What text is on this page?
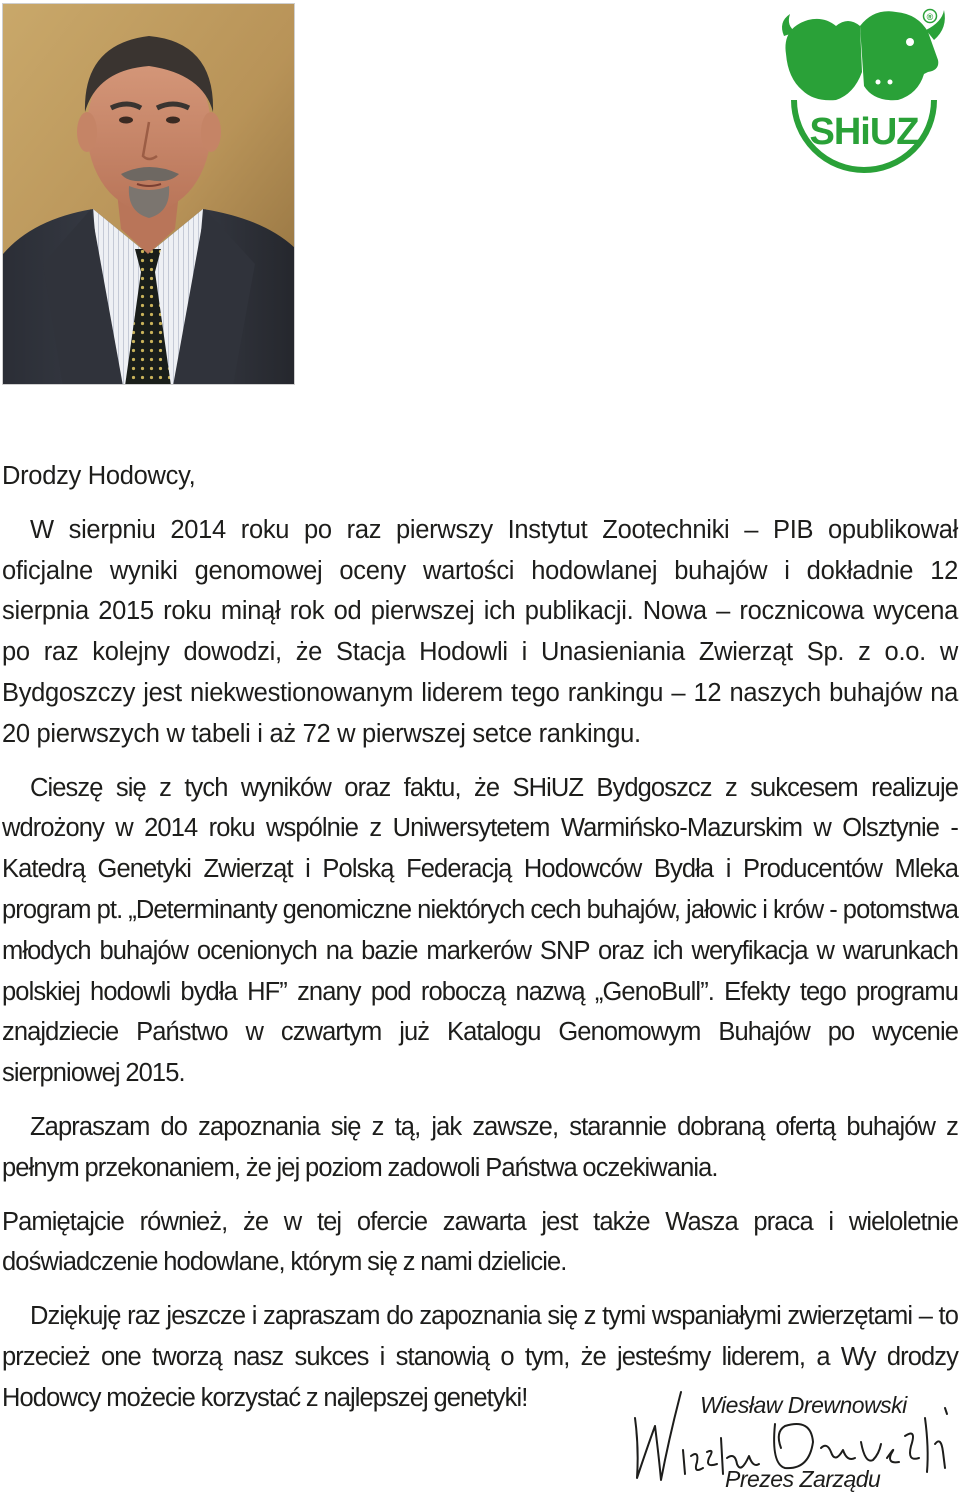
®
SHiUZ
Drodzy Hodowcy,

W sierpniu 2014 roku po raz pierwszy Instytut Zootechniki – PIB opublikował oficjalne wyniki genomowej oceny wartości hodowlanej buhajów i dokładnie 12 sierpnia 2015 roku minął rok od pierwszej ich publikacji. Nowa – rocznicowa wycena po raz kolejny dowodzi, że Stacja Hodowli i Unasieniania Zwierząt Sp. z o.o. w Bydgoszczy jest niekwestionowanym liderem tego rankingu – 12 naszych buhajów na 20 pierwszych w tabeli i aż 72 w pierwszej setce rankingu.

Cieszę się z tych wyników oraz faktu, że SHiUZ Bydgoszcz z sukcesem realizuje wdrożony w 2014 roku wspólnie z Uniwersytetem Warmińsko-Mazurskim w Olsztynie - Katedrą Genetyki Zwierząt i Polską Federacją Hodowców Bydła i Producentów Mleka program pt. „Determinanty genomiczne niektórych cech buhajów, jałowic i krów - potomstwa młodych buhajów ocenionych na bazie markerów SNP oraz ich weryfikacja w warunkach polskiej hodowli bydła HF” znany pod roboczą nazwą „GenoBull”. Efekty tego programu znajdziecie Państwo w czwartym już Katalogu Genomowym Buhajów po wycenie sierpniowej 2015.

Zapraszam do zapoznania się z tą, jak zawsze, starannie dobraną ofertą buhajów z pełnym przekonaniem, że jej poziom zadowoli Państwa oczekiwania.

Pamiętajcie również, że w tej ofercie zawarta jest także Wasza praca i wieloletnie doświadczenie hodowlane, którym się z nami dzielicie.

Dziękuję raz jeszcze i zapraszam do zapoznania się z tymi wspaniałymi zwierzętami – to przecież one tworzą nasz sukces i stanowią o tym, że jesteśmy liderem, a Wy drodzy Hodowcy możecie korzystać z najlepszej genetyki!	Wiesław Drewnowski
Prezes Zarządu
